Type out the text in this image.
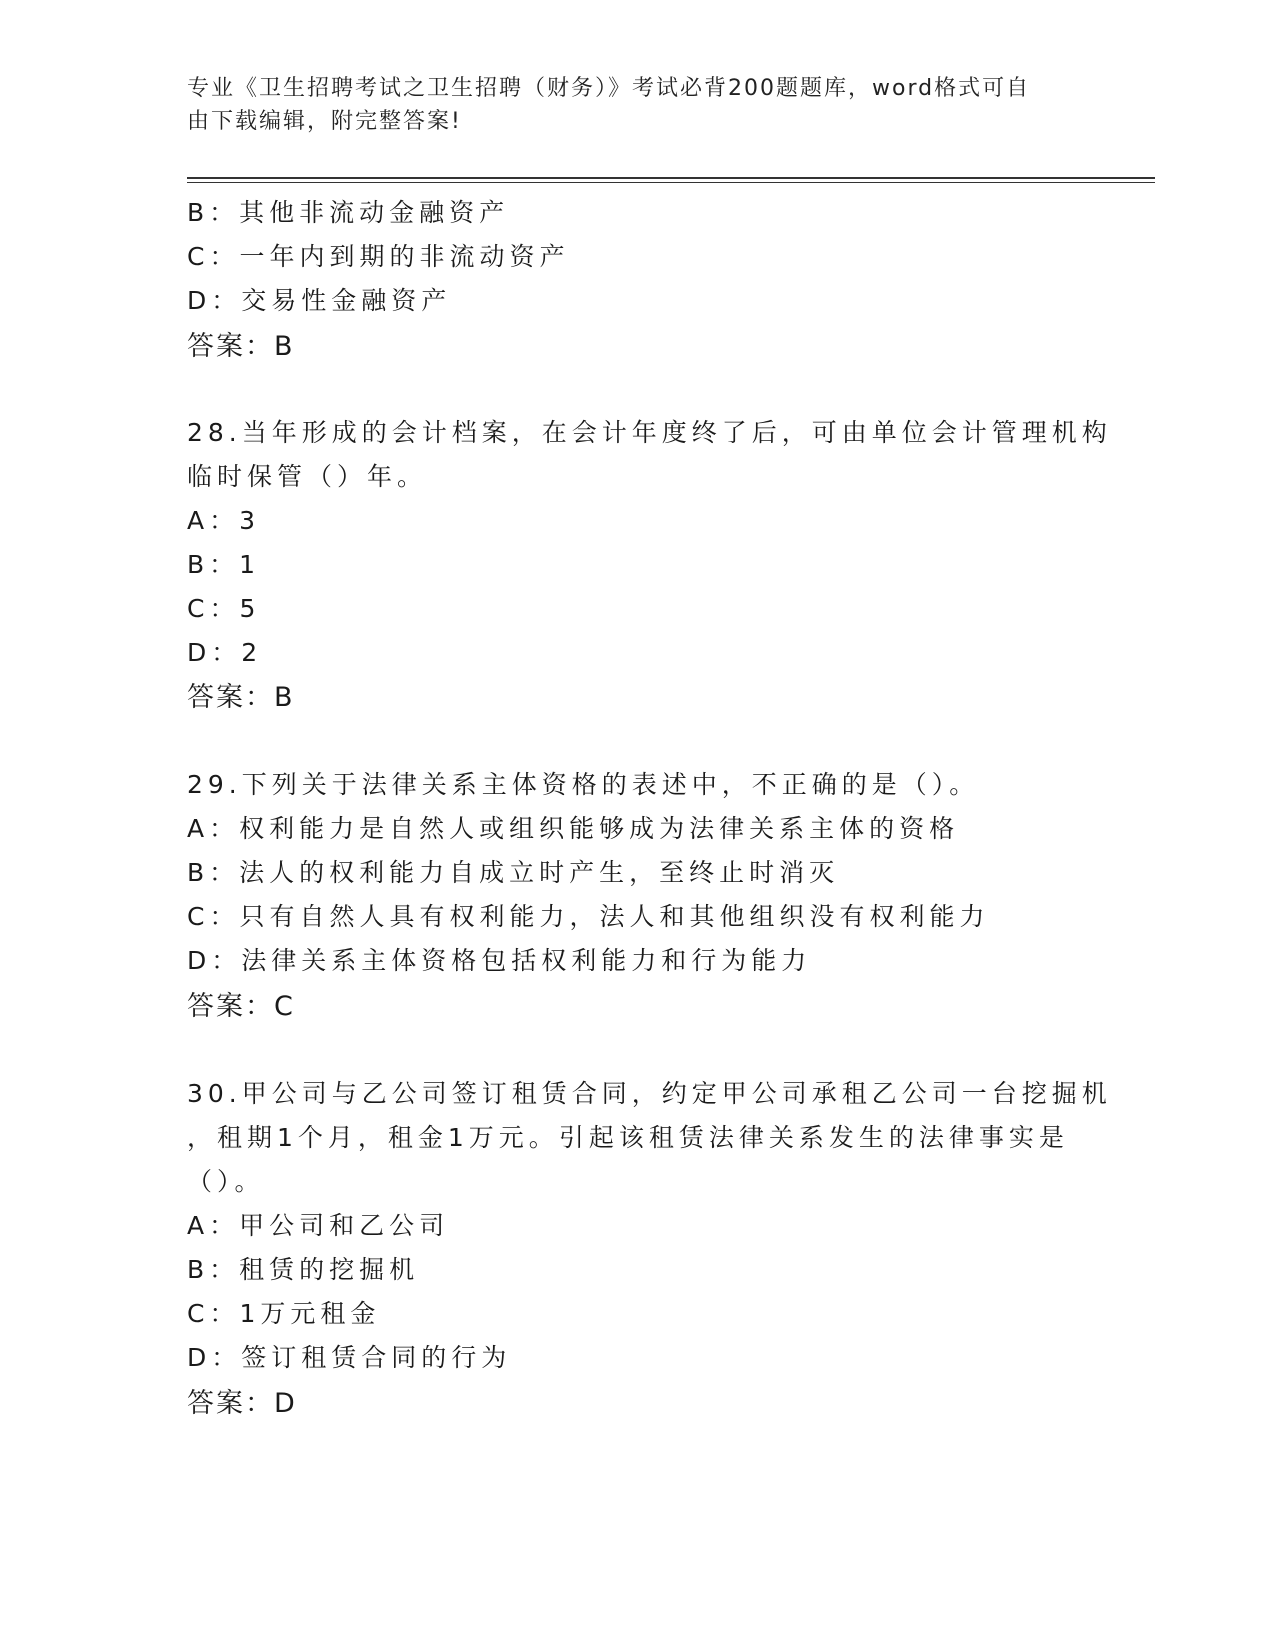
专业《卫生招聘考试之卫生招聘（财务）》考试必背200题题库，word格式可自
由下载编辑，附完整答案!
B：其他非流动金融资产
C：一年内到期的非流动资产
D：交易性金融资产
答案：B
28.当年形成的会计档案，在会计年度终了后，可由单位会计管理机构
临时保管（）年。
A：3
B：1
C：5
D：2
答案：B
29.下列关于法律关系主体资格的表述中，不正确的是（）。
A：权利能力是自然人或组织能够成为法律关系主体的资格
B：法人的权利能力自成立时产生，至终止时消灭
C：只有自然人具有权利能力，法人和其他组织没有权利能力
D：法律关系主体资格包括权利能力和行为能力
答案：C
30.甲公司与乙公司签订租赁合同，约定甲公司承租乙公司一台挖掘机
，租期1个月，租金1万元。引起该租赁法律关系发生的法律事实是
（）。
A：甲公司和乙公司
B：租赁的挖掘机
C：1万元租金
D：签订租赁合同的行为
答案：D
